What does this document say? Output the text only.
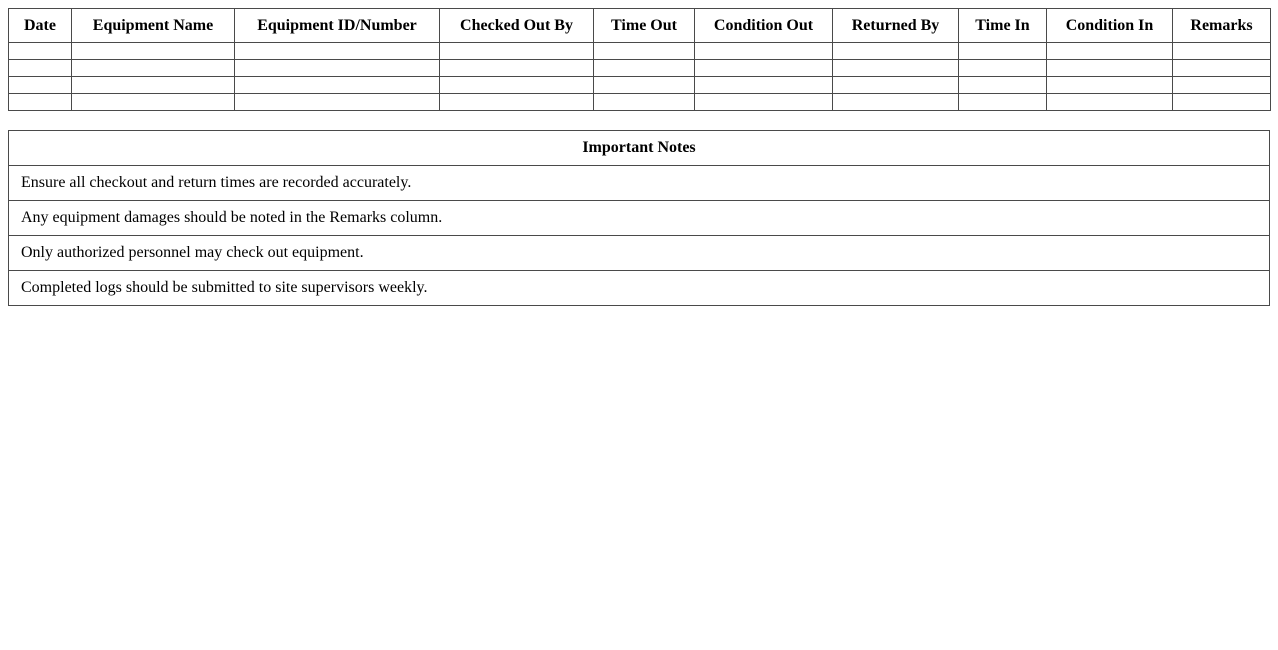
Date	Equipment Name	Equipment ID/Number	Checked Out By	Time Out	Condition Out	Returned By	Time In	Condition In	Remarks

Important Notes
Ensure all checkout and return times are recorded accurately.
Any equipment damages should be noted in the Remarks column.
Only authorized personnel may check out equipment.
Completed logs should be submitted to site supervisors weekly.
